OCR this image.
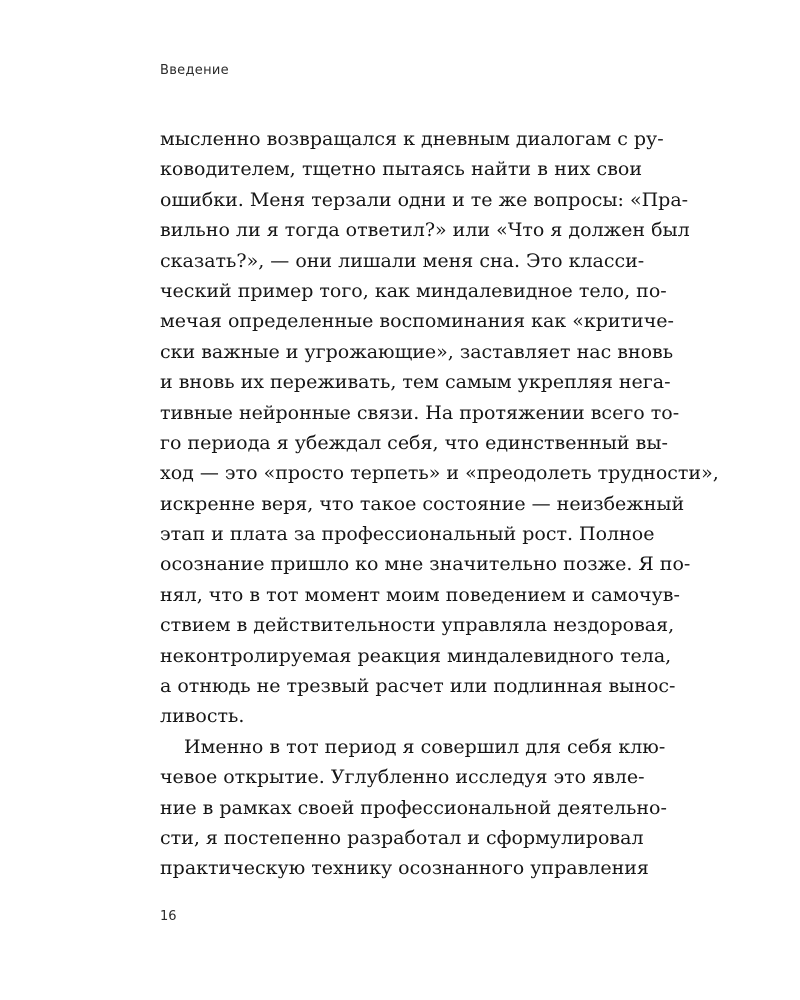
Введение
мысленно возвращался к дневным диалогам с ру-
ководителем, тщетно пытаясь найти в них свои
ошибки. Меня терзали одни и те же вопросы: «Пра-
вильно ли я тогда ответил?» или «Что я должен был
сказать?», — они лишали меня сна. Это класси-
ческий пример того, как миндалевидное тело, по-
мечая определенные воспоминания как «критиче-
ски важные и угрожающие», заставляет нас вновь
и вновь их переживать, тем самым укрепляя нега-
тивные нейронные связи. На протяжении всего то-
го периода я убеждал себя, что единственный вы-
ход — это «просто терпеть» и «преодолеть трудности»,
искренне веря, что такое состояние — неизбежный
этап и плата за профессиональный рост. Полное
осознание пришло ко мне значительно позже. Я по-
нял, что в тот момент моим поведением и самочув-
ствием в действительности управляла нездоровая,
неконтролируемая реакция миндалевидного тела,
а отнюдь не трезвый расчет или подлинная вынос-
ливость.
Именно в тот период я совершил для себя клю-
чевое открытие. Углубленно исследуя это явле-
ние в рамках своей профессиональной деятельно-
сти, я постепенно разработал и сформулировал
практическую технику осознанного управления
16
